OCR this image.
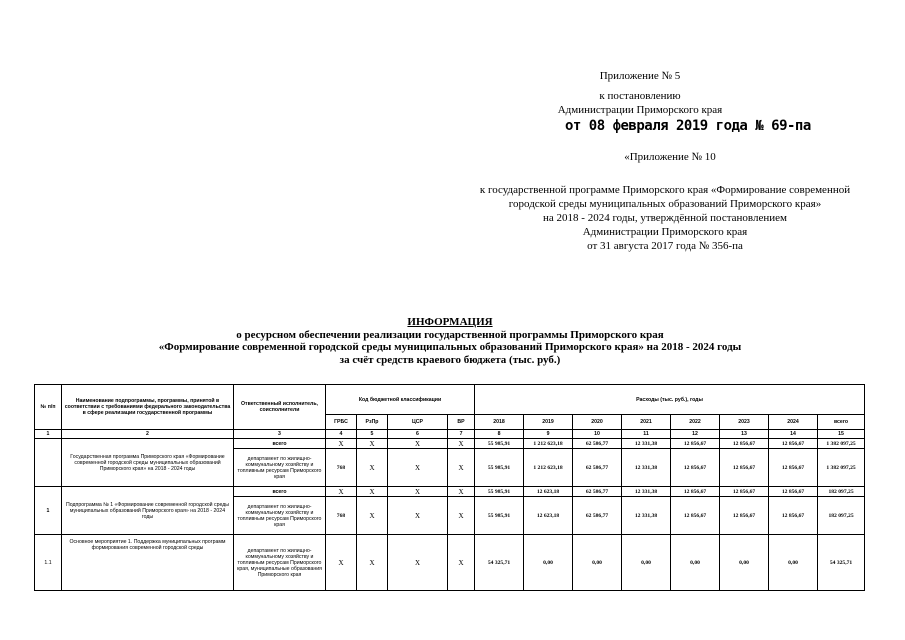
Приложение № 5
к постановлению
Администрации Приморского края
от 08 февраля 2019 года № 69-па
«Приложение № 10
к государственной программе Приморского края «Формирование современной
городской среды муниципальных образований Приморского края»
на 2018 - 2024 годы, утверждённой постановлением
Администрации Приморского края
от 31 августа 2017 года № 356-па
ИНФОРМАЦИЯ
о ресурсном обеспечении реализации государственной программы Приморского края
«Формирование современной городской среды муниципальных образований Приморского края» на 2018 - 2024 годы
за счёт средств краевого бюджета (тыс. руб.)
№ п/п	Наименование подпрограммы, программы, принятой в соответствии с требованиями федерального законодательства в сфере реализации государственной программы	Ответственный исполнитель, соисполнители	Код бюджетной классификации				Расходы (тыс. руб.), годы							
			ГРБС	РзПр	ЦСР	ВР	2018	2019	2020	2021	2022	2023	2024	всего
1	2	3	4	5	6	7	8	9	10	11	12	13	14	15
	Государственная программа Приморского края «Формирование современной городской среды муниципальных образований Приморского края» на 2018 - 2024 годы	всего	Х	Х	Х	Х	55 985,91	1 212 623,18	62 586,77	12 331,38	12 856,67	12 856,67	12 856,67	1 382 097,25
		департамент по жилищно-коммунальному хозяйству и топливным ресурсам Приморского края	768	Х	Х	Х	55 985,91	1 212 623,18	62 586,77	12 331,38	12 856,67	12 856,67	12 856,67	1 382 097,25
1	Подпрограмма № 1 «Формирование современной городской среды муниципальных образований Приморского края» на 2018 - 2024 годы	всего	Х	Х	Х	Х	55 985,91	12 623,18	62 586,77	12 331,38	12 856,67	12 856,67	12 856,67	182 097,25
		департамент по жилищно-коммунальному хозяйству и топливным ресурсам Приморского края	768	Х	Х	Х	55 985,91	12 623,18	62 586,77	12 331,38	12 856,67	12 856,67	12 856,67	182 097,25
1.1	Основное мероприятие 1. Поддержка муниципальных программ формирования современной городской среды	департамент по жилищно-коммунальному хозяйству и топливным ресурсам Приморского края, муниципальные образования Приморского края	Х	Х	Х	Х	54 325,71	0,00	0,00	0,00	0,00	0,00	0,00	54 325,71
